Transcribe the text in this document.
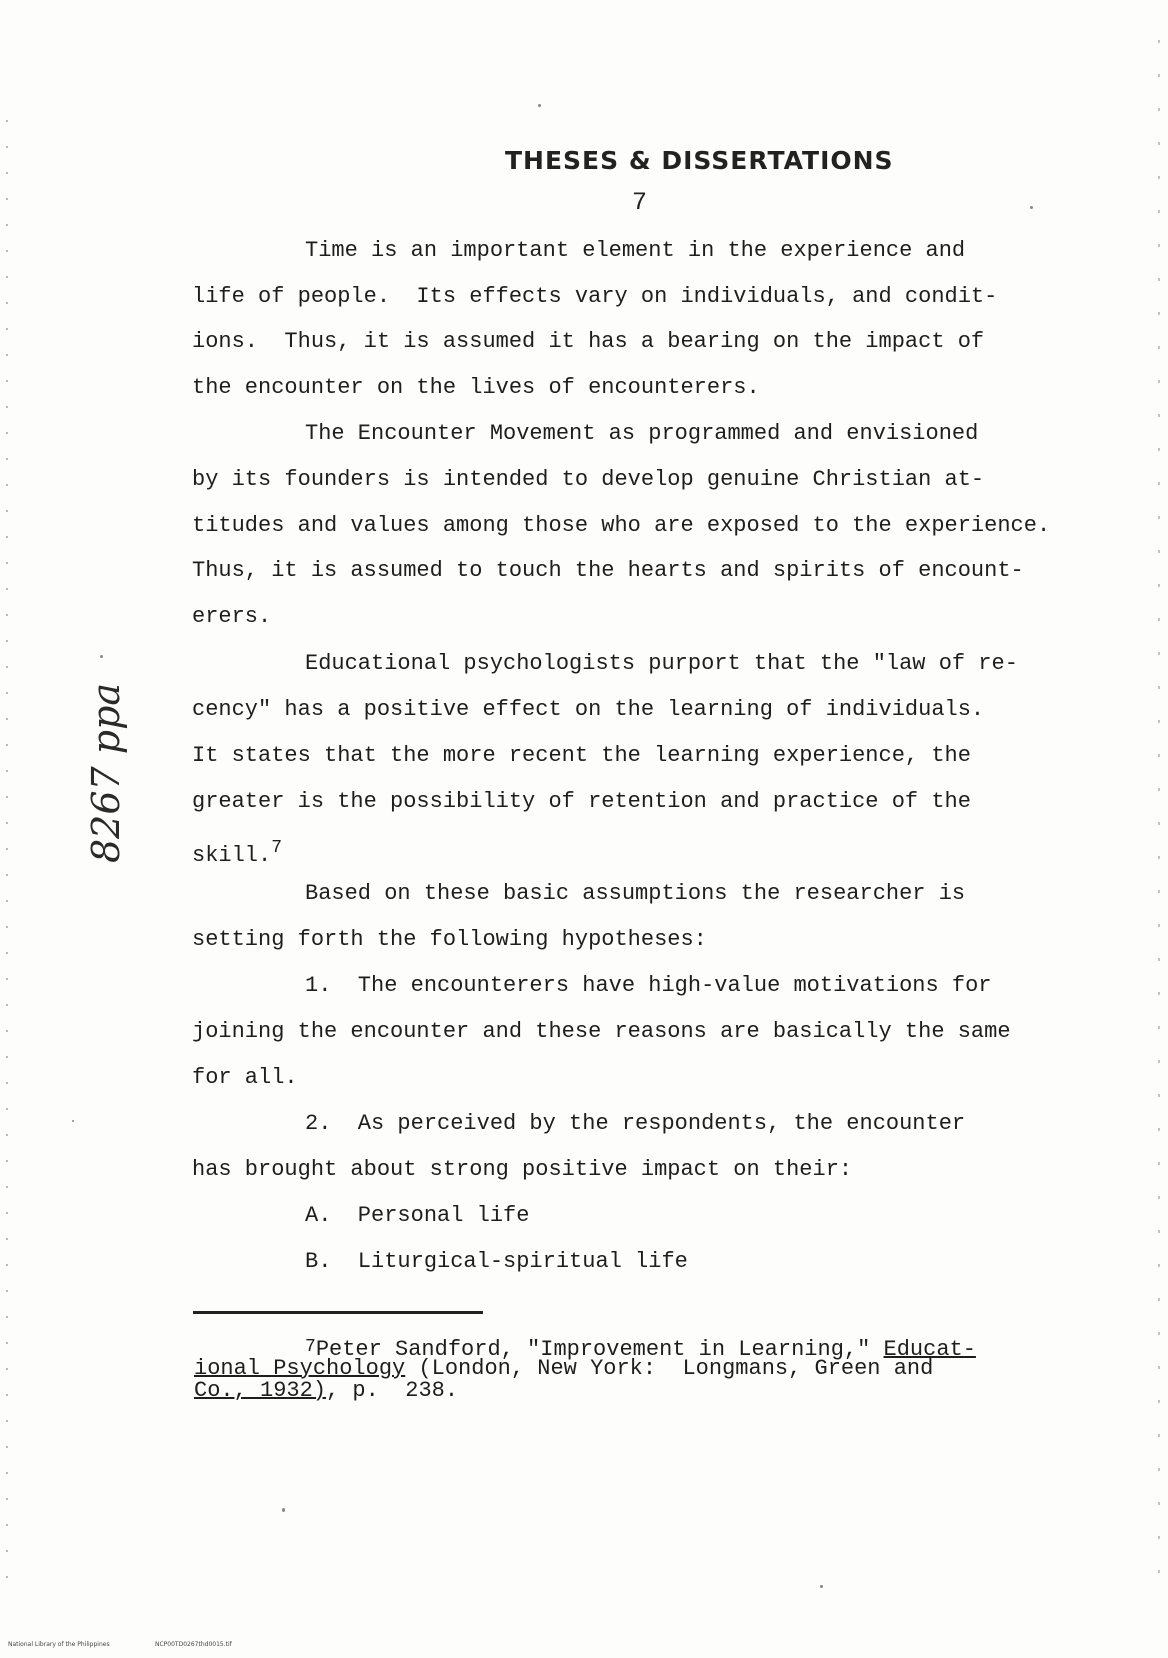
THESES & DISSERTATIONS
7
Time is an important element in the experience and
life of people.  Its effects vary on individuals, and condit-
ions.  Thus, it is assumed it has a bearing on the impact of
the encounter on the lives of encounterers.
The Encounter Movement as programmed and envisioned
by its founders is intended to develop genuine Christian at-
titudes and values among those who are exposed to the experience.
Thus, it is assumed to touch the hearts and spirits of encount-
erers.
Educational psychologists purport that the "law of re-
cency" has a positive effect on the learning of individuals.
It states that the more recent the learning experience, the
greater is the possibility of retention and practice of the
skill.$^7$
Based on these basic assumptions the researcher is
setting forth the following hypotheses:
1.  The encounterers have high-value motivations for
joining the encounter and these reasons are basically the same
for all.
2.  As perceived by the respondents, the encounter
has brought about strong positive impact on their:
A.  Personal life
B.  Liturgical-spiritual life
7Peter Sandford, "Improvement in Learning," Educat-
ional Psychology (London, New York:  Longmans, Green and
Co., 1932), p.  238.
8267 ppa
National Library of the Philippines	NCP00TD0267thd0015.tif
